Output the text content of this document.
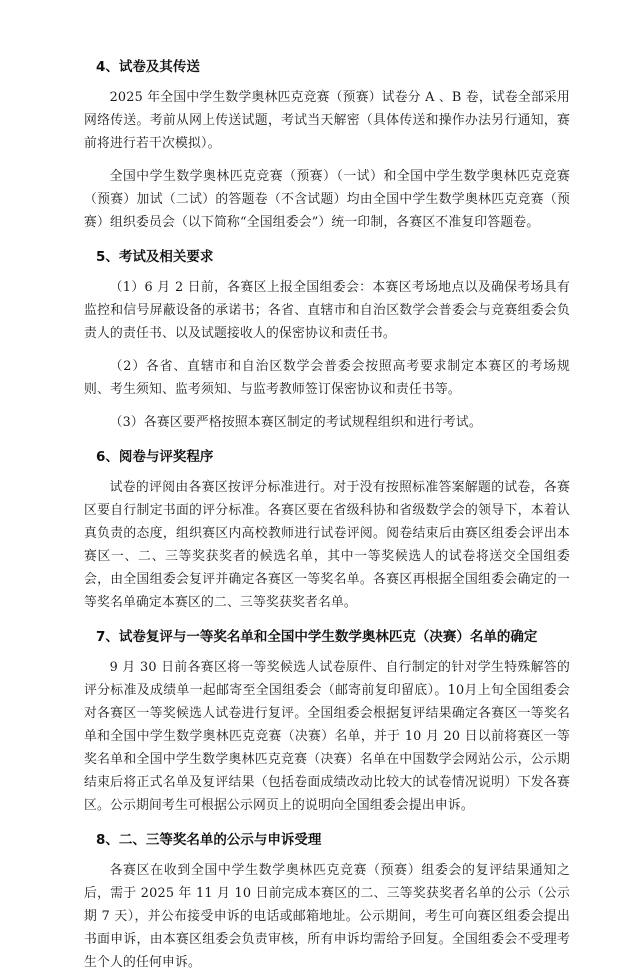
4、试卷及其传送

2025 年全国中学生数学奥林匹克竞赛（预赛）试卷分 A 、B 卷，试卷全部采用网络传送。考前从网上传送试题，考试当天解密（具体传送和操作办法另行通知，赛前将进行若干次模拟）。

全国中学生数学奥林匹克竞赛（预赛）（一试）和全国中学生数学奥林匹克竞赛（预赛）加试（二试）的答题卷（不含试题）均由全国中学生数学奥林匹克竞赛（预赛）组织委员会（以下简称“全国组委会”）统一印制，各赛区不准复印答题卷。

5、考试及相关要求

（1）6 月 2 日前，各赛区上报全国组委会：本赛区考场地点以及确保考场具有监控和信号屏蔽设备的承诺书；各省、直辖市和自治区数学会普委会与竞赛组委会负责人的责任书、以及试题接收人的保密协议和责任书。

（2）各省、直辖市和自治区数学会普委会按照高考要求制定本赛区的考场规则、考生须知、监考须知、与监考教师签订保密协议和责任书等。

（3）各赛区要严格按照本赛区制定的考试规程组织和进行考试。

6、阅卷与评奖程序

试卷的评阅由各赛区按评分标准进行。对于没有按照标准答案解题的试卷，各赛区要自行制定书面的评分标准。各赛区要在省级科协和省级数学会的领导下，本着认真负责的态度，组织赛区内高校教师进行试卷评阅。阅卷结束后由赛区组委会评出本赛区一、二、三等奖获奖者的候选名单，其中一等奖候选人的试卷将送交全国组委会，由全国组委会复评并确定各赛区一等奖名单。各赛区再根据全国组委会确定的一等奖名单确定本赛区的二、三等奖获奖者名单。

7、试卷复评与一等奖名单和全国中学生数学奥林匹克（决赛）名单的确定

9 月 30 日前各赛区将一等奖候选人试卷原件、自行制定的针对学生特殊解答的评分标准及成绩单一起邮寄至全国组委会（邮寄前复印留底）。10月上旬全国组委会对各赛区一等奖候选人试卷进行复评。全国组委会根据复评结果确定各赛区一等奖名单和全国中学生数学奥林匹克竞赛（决赛）名单，并于 10 月 20 日以前将赛区一等奖名单和全国中学生数学奥林匹克竞赛（决赛）名单在中国数学会网站公示，公示期结束后将正式名单及复评结果（包括卷面成绩改动比较大的试卷情况说明）下发各赛区。公示期间考生可根据公示网页上的说明向全国组委会提出申诉。

8、二、三等奖名单的公示与申诉受理

各赛区在收到全国中学生数学奥林匹克竞赛（预赛）组委会的复评结果通知之后，需于 2025 年 11 月 10 日前完成本赛区的二、三等奖获奖者名单的公示（公示期 7 天），并公布接受申诉的电话或邮箱地址。公示期间，考生可向赛区组委会提出书面申诉，由本赛区组委会负责审核，所有申诉均需给予回复。全国组委会不受理考生个人的任何申诉。
